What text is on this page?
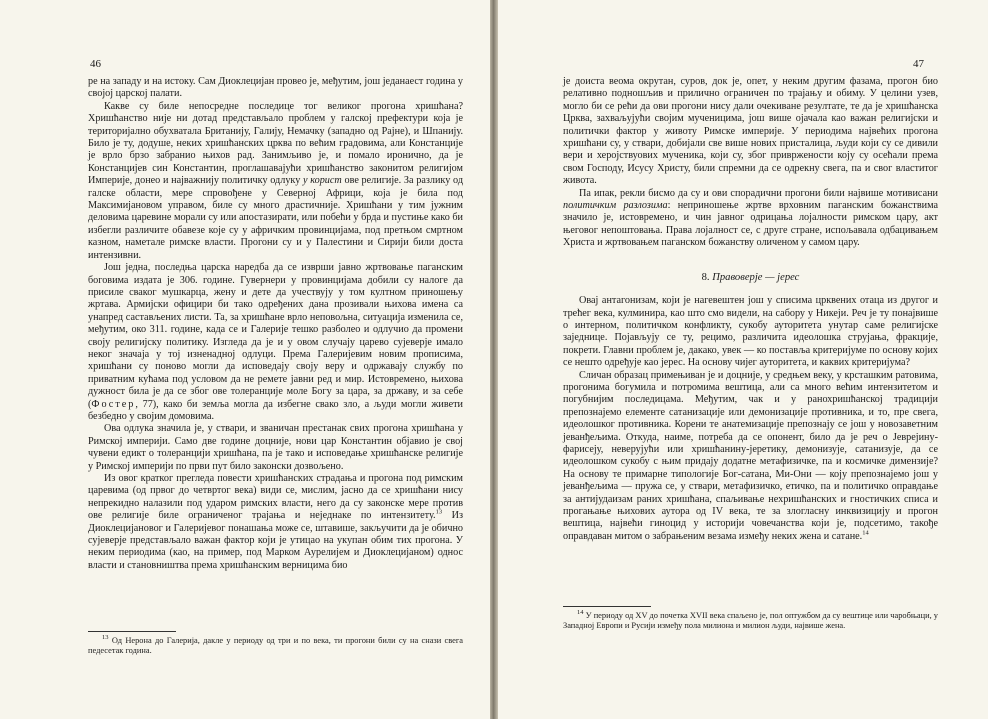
46

ре на западу и на истоку. Сам Диоклецијан провео је, међутим, још једанаест година у својој царској палати.

Какве су биле непосредне последице тог великог прогона хришћана? Хришћанство није ни дотад представљало проблем у галској префектури која је територијално обухватала Британију, Галију, Немачку (западно од Рајне), и Шпанију. Било је ту, додуше, неких хришћанских црква по већим градовима, али Констанције је врло брзо забранио њихов рад. Занимљиво је, и помало иронично, да је Констанцијев син Константин, проглашавајући хришћанство законитом религијом Империје, донео и најважнију политичку одлуку у корист ове религије. За разлику од галске области, мере спровођене у Северној Африци, која је била под Максимијановом управом, биле су много драстичније. Хришћани у тим јужним деловима царевине морали су или апостазирати, или побећи у брда и пустиње како би избегли различите обавезе које су у афричким провинцијама, под претњом смртном казном, наметале римске власти. Прогони су и у Палестини и Сирији били доста интензивни.

Још једна, последња царска наредба да се изврши јавно жртвовање паганским боговима издата је 306. године. Гувернери у провинцијама добили су налоге да присиле сваког мушкарца, жену и дете да учествују у том култном приношењу жртава. Армијски официри би тако одређених дана прозивали њихова имена са унапред састављених листи. Та, за хришћане врло неповољна, ситуација изменила се, међутим, око 311. године, када се и Галерије тешко разболео и одлучио да промени своју религијску политику. Изгледа да је и у овом случају царево сујеверје имало неког значаја у тој изненадној одлуци. Према Галеријевим новим прописима, хришћани су поново могли да исповедају своју веру и одржавају службу по приватним кућама под условом да не ремете јавни ред и мир. Истовремено, њихова дужност била је да се због ове толеранције моле Богу за цара, за државу, и за себе (Фостер, 77), како би земља могла да избегне свако зло, а људи могли живети безбедно у својим домовима.

Ова одлука значила је, у ствари, и званичан престанак свих прогона хришћана у Римској империји. Само две године доцније, нови цар Константин објавио је свој чувени едикт о толеранцији хришћана, па је тако и исповедање хришћанске религије у Римској империји по први пут било законски дозвољено.

Из овог кратког прегледа повести хришћанских страдања и прогона под римским царевима (од првог до четвртог века) види се, мислим, јасно да се хришћани нису непрекидно налазили под ударом римских власти, него да су законске мере против ове религије биле ограниченог трајања и неједнаке по интензитету.$^{13}$ Из Диоклецијановог и Галеријевог понашања може се, штавише, закључити да је обично сујеверје представљало важан фактор који је утицао на укупан обим тих прогона. У неким периодима (као, на пример, под Марком Аурелијем и Диоклецијаном) однос власти и становништва према хришћанским верницима био

$^{13}$ Од Нерона до Галерија, дакле у периоду од три и по века, ти прогони били су на снази свега педесетак година.

47

је доиста веома окрутан, суров, док је, опет, у неким другим фазама, прогон био релативно подношљив и прилично ограничен по трајању и обиму. У целини узев, могло би се рећи да ови прогони нису дали очекиване резултате, те да је хришћанска Црква, захваљујући својим мученицима, још више ојачала као важан религијски и политички фактор у животу Римске империје. У периодима највећих прогона хришћани су, у ствари, добијали све више нових присталица, људи који су се дивили вери и херојствуових мученика, који су, због привржености коју су осећали према свом Господу, Исусу Христу, били спремни да се одрекну свега, па и свог властитог живота.

Па ипак, рекли бисмо да су и ови спорадични прогони били највише мотивисани политичким разлозима: неприношење жртве врховним паганским божанствима значило је, истовремено, и чин јавног одрицања лојалности римском цару, акт његовог непоштовања. Права лојалност се, с друге стране, испољавала одбацивањем Христа и жртвовањем паганском божанству оличеном у самом цару.

8. Правоверје — јерес

Овај антагонизам, који је нагевештен још у списима црквених отаца из другог и трећег века, кулминира, као што смо видели, на сабору у Никеји. Реч је ту понајвише о интерном, политичком конфликту, сукобу ауторитета унутар саме религијске заједнице. Појављују се ту, рецимо, различита идеолошка струјања, фракције, покрети. Главни проблем је, дакако, увек — ко поставља критеријуме по основу којих се нешто одређује као јерес. На основу чијег ауторитета, и каквих критеријума?

Сличан образац примењиван је и доцније, у средњем веку, у крсташким ратовима, прогонима богумила и потромима вештица, али са много већим интензитетом и погубнијим последицама. Међутим, чак и у ранохришћанској традицији препознајемо елементе сатанизације или демонизације противника, и то, пре свега, идеолошког противника. Корени те анатемизације препознају се још у новозаветним јеванђељима. Откуда, наиме, потреба да се опонент, било да је реч о Јеврејину-фарисеју, неверујући или хришћанину-јеретику, демонизује, сатанизује, да се идеолошком сукобу с њим придају додатне метафизичке, па и космичке димензије? На основу те примарне типологије Бог-сатана, Ми-Они — коју препознајемо још у јеванђељима — пружа се, у ствари, метафизичко, етичко, па и политичко оправдање за антијудаизам раних хришћана, спаљивање нехришћанских и гностичких списа и прогањање њихових аутора од IV века, те за злогласну инквизицију и прогон вештица, највећи гиноцид у историји човечанства који је, подсетимо, такође оправдаван митом о забрањеним везама између неких жена и сатане.$^{14}$

$^{14}$ У периоду од XV до почетка XVII века спаљено је, пол оптужбом да су вештице или чаробњаци, у Западној Европи и Русији између пола милиона и милион људи, највише жена.
